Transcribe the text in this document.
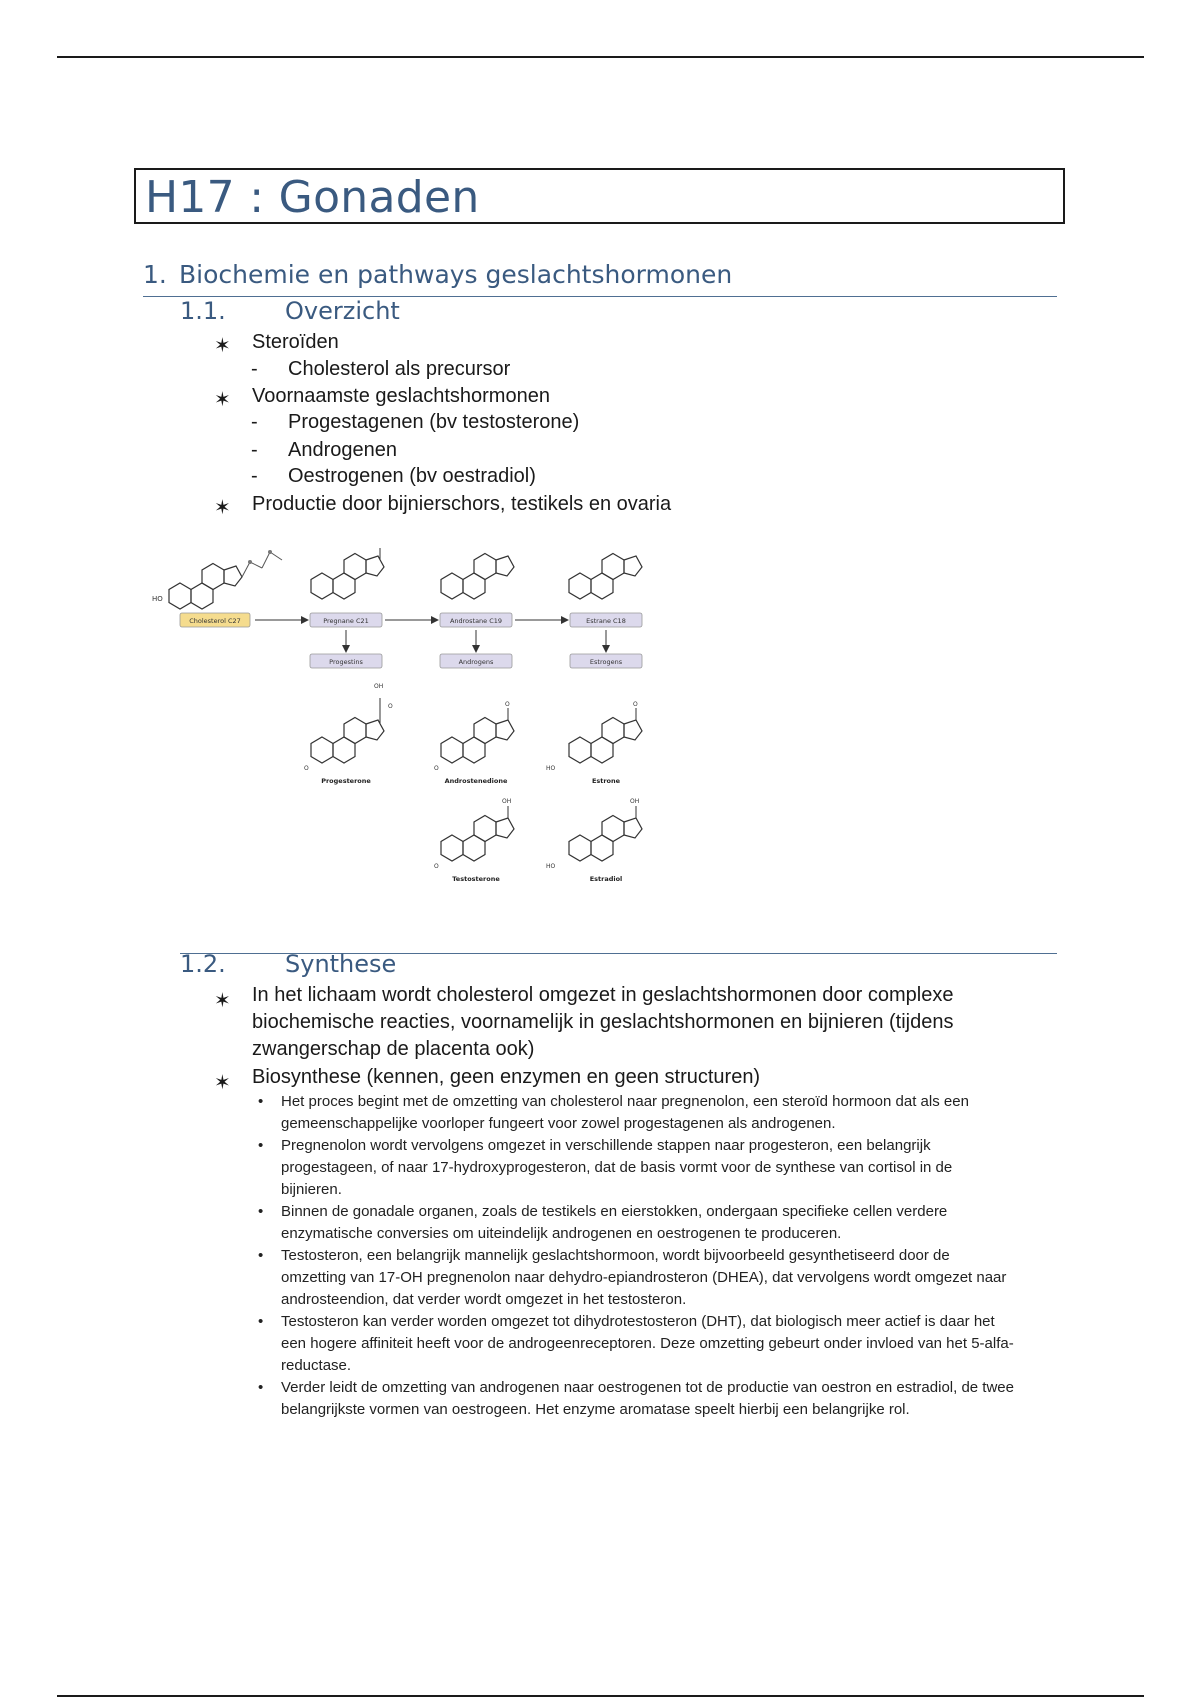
H17 : Gonaden
1. Biochemie en pathways geslachtshormonen
1.1. Overzicht
✶ Steroïden
- Cholesterol als precursor
✶ Voornaamste geslachtshormonen
- Progestagenen (bv testosterone)
- Androgenen
- Oestrogenen (bv oestradiol)
✶ Productie door bijnierschors, testikels en ovaria
HO
Cholesterol C27	Pregnane C21	Androstane C19	Estrane C18
Progestins	Androgens	Estrogens
OH
O
O
Progesterone
O
O
Androstenedione
O
HO
Estrone
OH
O
Testosterone
OH
HO
Estradiol
1.2. Synthese
✶ In het lichaam wordt cholesterol omgezet in geslachtshormonen door complexe biochemische reacties, voornamelijk in geslachtshormonen en bijnieren (tijdens zwangerschap de placenta ook)
✶ Biosynthese (kennen, geen enzymen en geen structuren)
• Het proces begint met de omzetting van cholesterol naar pregnenolon, een steroïd hormoon dat als een gemeenschappelijke voorloper fungeert voor zowel progestagenen als androgenen.
• Pregnenolon wordt vervolgens omgezet in verschillende stappen naar progesteron, een belangrijk progestageen, of naar 17-hydroxyprogesteron, dat de basis vormt voor de synthese van cortisol in de bijnieren.
• Binnen de gonadale organen, zoals de testikels en eierstokken, ondergaan specifieke cellen verdere enzymatische conversies om uiteindelijk androgenen en oestrogenen te produceren.
• Testosteron, een belangrijk mannelijk geslachtshormoon, wordt bijvoorbeeld gesynthetiseerd door de omzetting van 17-OH pregnenolon naar dehydro-epiandrosteron (DHEA), dat vervolgens wordt omgezet naar androsteendion, dat verder wordt omgezet in het testosteron.
• Testosteron kan verder worden omgezet tot dihydrotestosteron (DHT), dat biologisch meer actief is daar het een hogere affiniteit heeft voor de androgeenreceptoren. Deze omzetting gebeurt onder invloed van het 5-alfa-reductase.
• Verder leidt de omzetting van androgenen naar oestrogenen tot de productie van oestron en estradiol, de twee belangrijkste vormen van oestrogeen. Het enzyme aromatase speelt hierbij een belangrijke rol.
